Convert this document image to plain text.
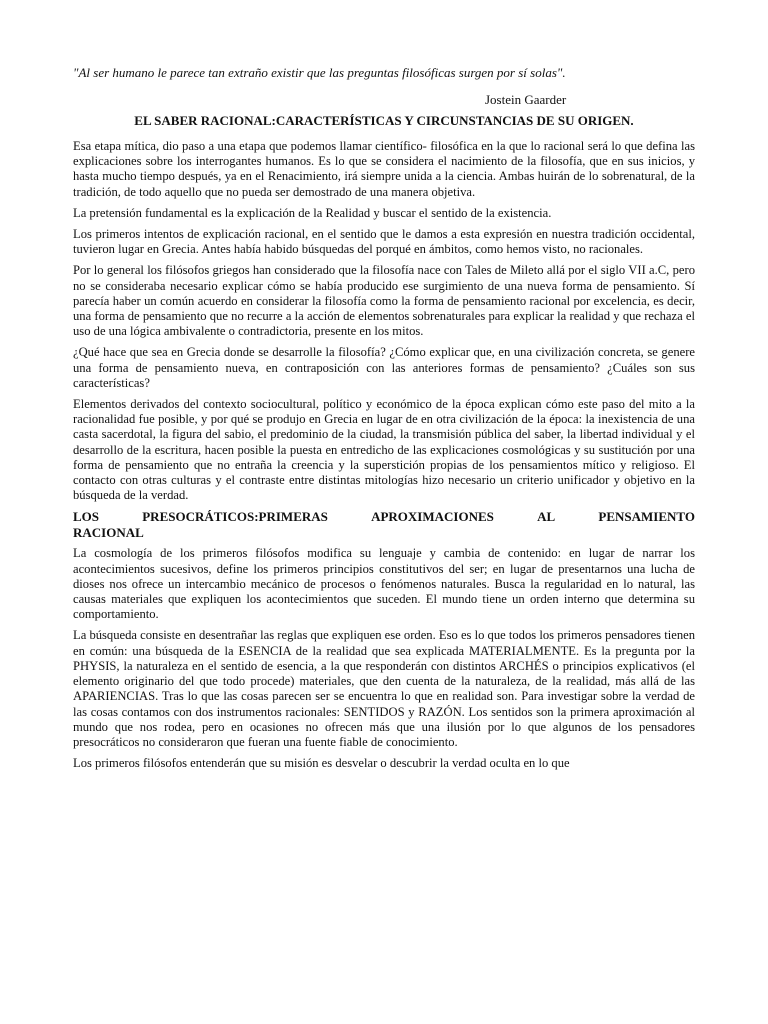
"Al ser humano le parece tan extraño existir que las preguntas filosóficas surgen por sí solas".

Jostein Gaarder

EL SABER RACIONAL:CARACTERÍSTICAS Y CIRCUNSTANCIAS DE SU ORIGEN.

Esa etapa mítica, dio paso a una etapa que podemos llamar científico- filosófica en la que lo racional será lo que defina las explicaciones sobre los interrogantes humanos. Es lo que se considera el nacimiento de la filosofía, que en sus inicios, y hasta mucho tiempo después, ya en el Renacimiento, irá siempre unida a la ciencia. Ambas huirán de lo sobrenatural, de la tradición, de todo aquello que no pueda ser demostrado de una manera objetiva.

La pretensión fundamental es la explicación de la Realidad y buscar el sentido de la existencia.

Los primeros intentos de explicación racional, en el sentido que le damos a esta expresión en nuestra tradición occidental, tuvieron lugar en Grecia. Antes había habido búsquedas del porqué en ámbitos, como hemos visto, no racionales.

Por lo general los filósofos griegos han considerado que la filosofía nace con Tales de Mileto allá por el siglo VII a.C, pero no se consideraba necesario explicar cómo se había producido ese surgimiento de una nueva forma de pensamiento. Sí parecía haber un común acuerdo en considerar la filosofía como la forma de pensamiento racional por excelencia, es decir, una forma de pensamiento que no recurre a la acción de elementos sobrenaturales para explicar la realidad y que rechaza el uso de una lógica ambivalente o contradictoria, presente en los mitos.

¿Qué hace que sea en Grecia donde se desarrolle la filosofía? ¿Cómo explicar que, en una civilización concreta, se genere una forma de pensamiento nueva, en contraposición con las anteriores formas de pensamiento? ¿Cuáles son sus características?

Elementos derivados del contexto sociocultural, político y económico de la época explican cómo este paso del mito a la racionalidad fue posible, y por qué se produjo en Grecia en lugar de en otra civilización de la época: la inexistencia de una casta sacerdotal, la figura del sabio, el predominio de la ciudad, la transmisión pública del saber, la libertad individual y el desarrollo de la escritura, hacen posible la puesta en entredicho de las explicaciones cosmológicas y su sustitución por una forma de pensamiento que no entraña la creencia y la superstición propias de los pensamientos mítico y religioso. El contacto con otras culturas y el contraste entre distintas mitologías hizo necesario un criterio unificador y objetivo en la búsqueda de la verdad.

LOS	PRESOCRÁTICOS:PRIMERAS	APROXIMACIONES	AL	PENSAMIENTO
RACIONAL

La cosmología de los primeros filósofos modifica su lenguaje y cambia de contenido: en lugar de narrar los acontecimientos sucesivos, define los primeros principios constitutivos del ser; en lugar de presentarnos una lucha de dioses nos ofrece un intercambio mecánico de procesos o fenómenos naturales. Busca la regularidad en lo natural, las causas materiales que expliquen los acontecimientos que suceden. El mundo tiene un orden interno que determina su comportamiento.

La búsqueda consiste en desentrañar las reglas que expliquen ese orden. Eso es lo que todos los primeros pensadores tienen en común: una búsqueda de la ESENCIA de la realidad que sea explicada MATERIALMENTE. Es la pregunta por la PHYSIS, la naturaleza en el sentido de esencia, a la que responderán con distintos ARCHÉS o principios explicativos (el elemento originario del que todo procede) materiales, que den cuenta de la naturaleza, de la realidad, más allá de las APARIENCIAS. Tras lo que las cosas parecen ser se encuentra lo que en realidad son. Para investigar sobre la verdad de las cosas contamos con dos instrumentos racionales: SENTIDOS y RAZÓN. Los sentidos son la primera aproximación al mundo que nos rodea, pero en ocasiones no ofrecen más que una ilusión por lo que algunos de los pensadores presocráticos no consideraron que fueran una fuente fiable de conocimiento.

Los primeros filósofos entenderán que su misión es desvelar o descubrir la verdad oculta en lo que
